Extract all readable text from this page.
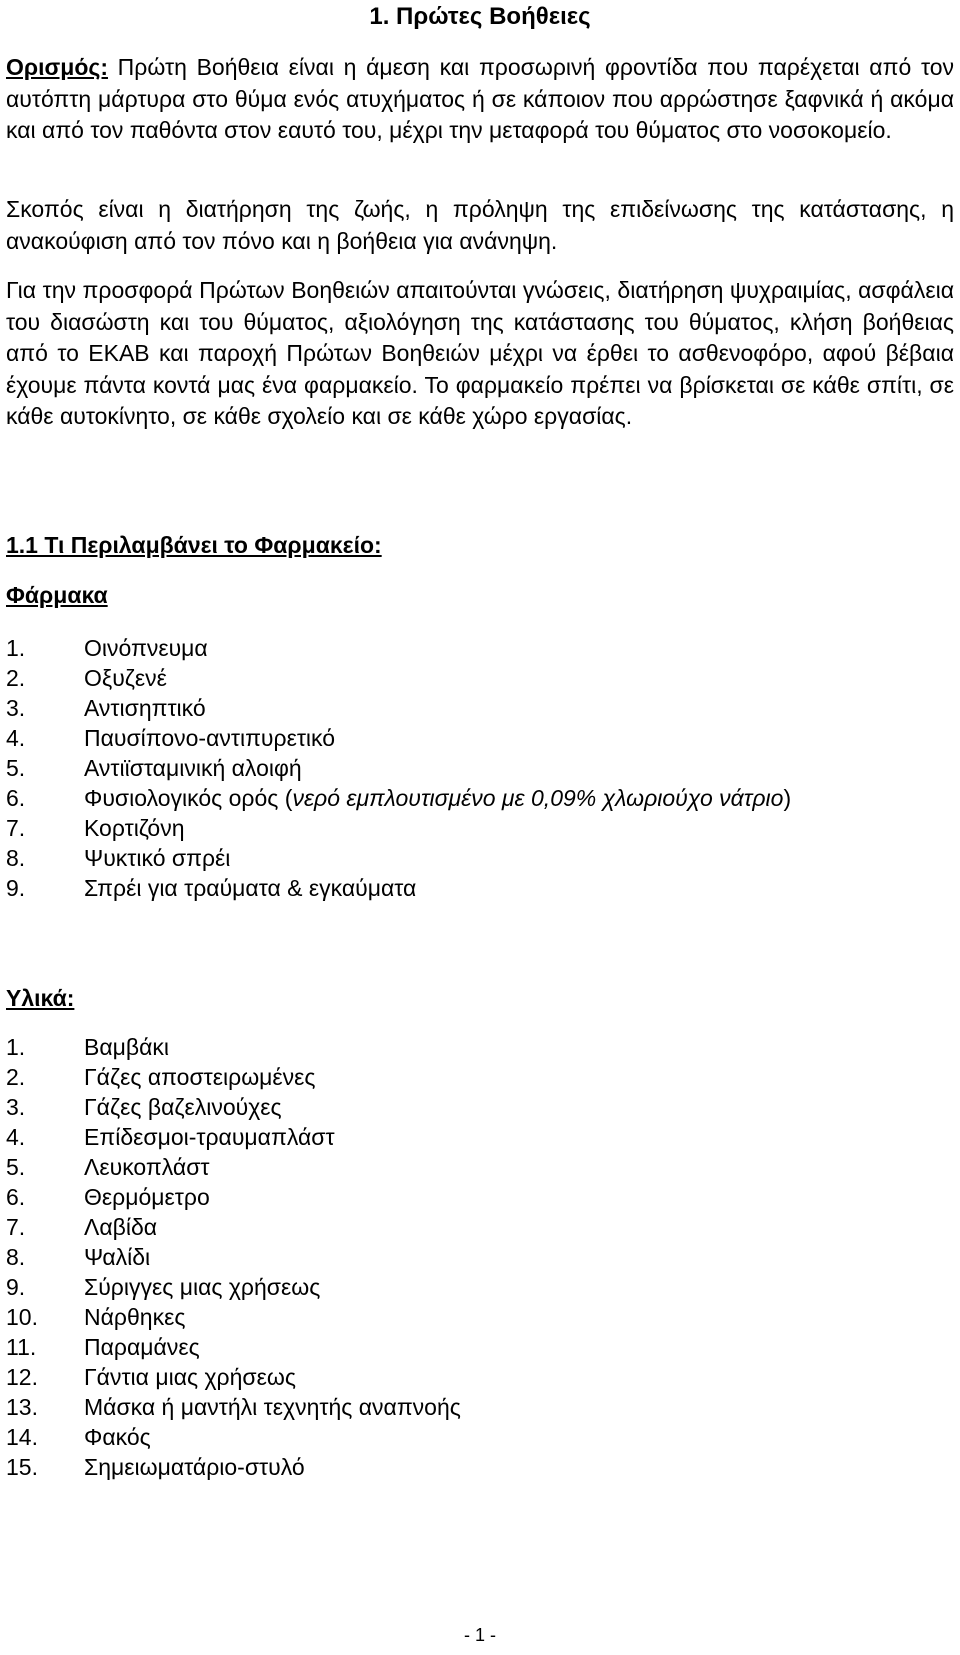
1. Πρώτες Βοήθειες

Ορισμός: Πρώτη Βοήθεια είναι η άμεση και προσωρινή φροντίδα που παρέχεται από τον αυτόπτη μάρτυρα στο θύμα ενός ατυχήματος ή σε κάποιον που αρρώστησε ξαφνικά ή ακόμα και από τον παθόντα στον εαυτό του, μέχρι την μεταφορά του θύματος στο νοσοκομείο.

Σκοπός είναι η διατήρηση της ζωής, η πρόληψη της επιδείνωσης της κατάστασης, η ανακούφιση από τον πόνο και η βοήθεια για ανάνηψη.

Για την προσφορά Πρώτων Βοηθειών απαιτούνται γνώσεις, διατήρηση ψυχραιμίας, ασφάλεια του διασώστη και του θύματος, αξιολόγηση της κατάστασης του θύματος, κλήση βοήθειας από το ΕΚΑΒ και παροχή Πρώτων Βοηθειών μέχρι να έρθει το ασθενοφόρο, αφού βέβαια έχουμε πάντα κοντά μας ένα φαρμακείο. Το φαρμακείο πρέπει να βρίσκεται σε κάθε σπίτι, σε κάθε αυτοκίνητο, σε κάθε σχολείο και σε κάθε χώρο εργασίας.

1.1 Τι Περιλαμβάνει το Φαρμακείο:
Φάρμακα
1.	Οινόπνευμα
2.	Οξυζενέ
3.	Αντισηπτικό
4.	Παυσίπονο-αντιπυρετικό
5.	Αντιϊσταμινική αλοιφή
6.	Φυσιολογικός ορός (νερό εμπλουτισμένο με 0,09% χλωριούχο νάτριο)
7.	Κορτιζόνη
8.	Ψυκτικό σπρέι
9.	Σπρέι για τραύματα & εγκαύματα
Υλικά:
1.	Βαμβάκι
2.	Γάζες αποστειρωμένες
3.	Γάζες βαζελινούχες
4.	Επίδεσμοι-τραυμαπλάστ
5.	Λευκοπλάστ
6.	Θερμόμετρο
7.	Λαβίδα
8.	Ψαλίδι
9.	Σύριγγες μιας χρήσεως
10. Νάρθηκες
11. Παραμάνες
12. Γάντια μιας χρήσεως
13. Μάσκα ή μαντήλι τεχνητής αναπνοής
14. Φακός
15. Σημειωματάριο-στυλό
- 1 -
